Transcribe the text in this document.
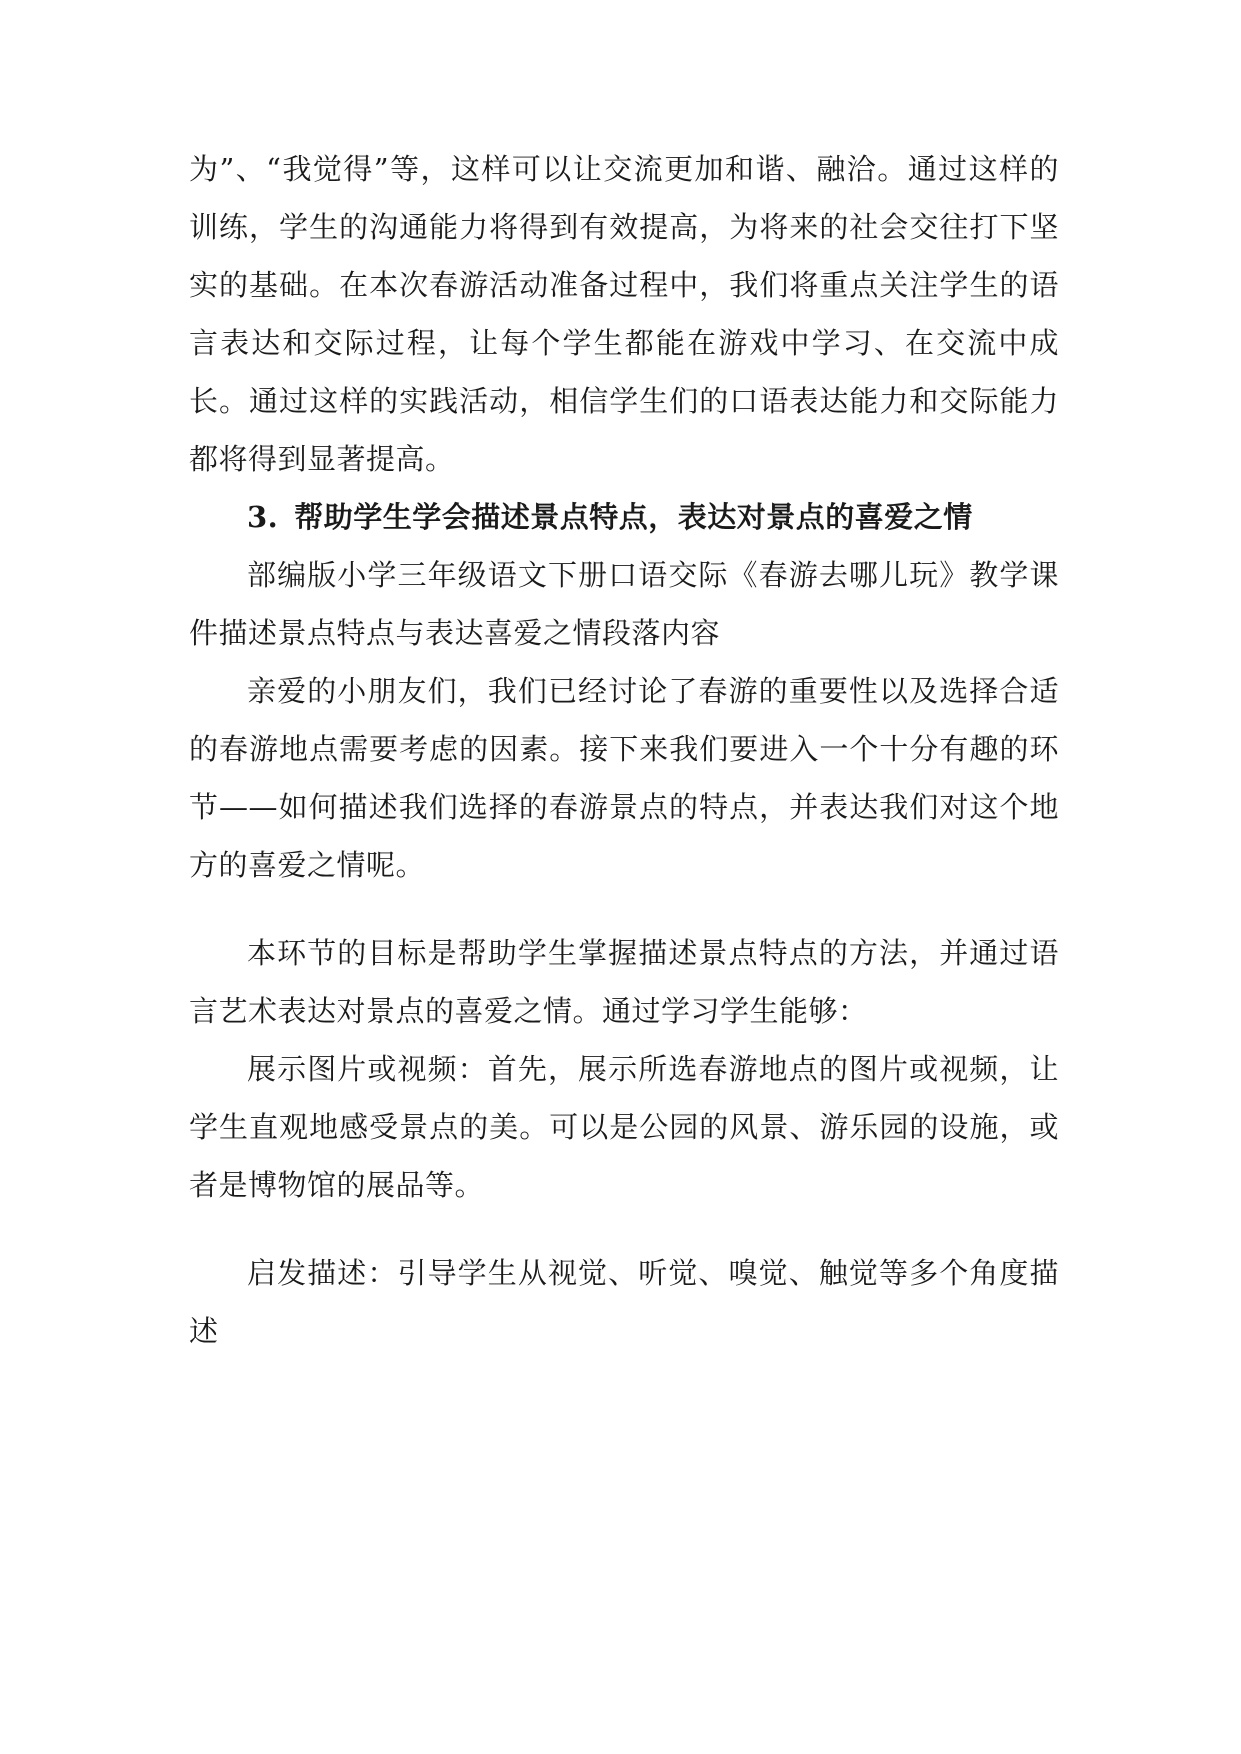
为”、“我觉得”等，这样可以让交流更加和谐、融洽。通过这样的训练，学生的沟通能力将得到有效提高，为将来的社会交往打下坚实的基础。在本次春游活动准备过程中，我们将重点关注学生的语言表达和交际过程，让每个学生都能在游戏中学习、在交流中成长。通过这样的实践活动，相信学生们的口语表达能力和交际能力都将得到显著提高。

3. 帮助学生学会描述景点特点，表达对景点的喜爱之情

部编版小学三年级语文下册口语交际《春游去哪儿玩》教学课件描述景点特点与表达喜爱之情段落内容

亲爱的小朋友们，我们已经讨论了春游的重要性以及选择合适的春游地点需要考虑的因素。接下来我们要进入一个十分有趣的环节——如何描述我们选择的春游景点的特点，并表达我们对这个地方的喜爱之情呢。

本环节的目标是帮助学生掌握描述景点特点的方法，并通过语言艺术表达对景点的喜爱之情。通过学习学生能够：

展示图片或视频：首先，展示所选春游地点的图片或视频，让学生直观地感受景点的美。可以是公园的风景、游乐园的设施，或者是博物馆的展品等。

启发描述：引导学生从视觉、听觉、嗅觉、触觉等多个角度描述
